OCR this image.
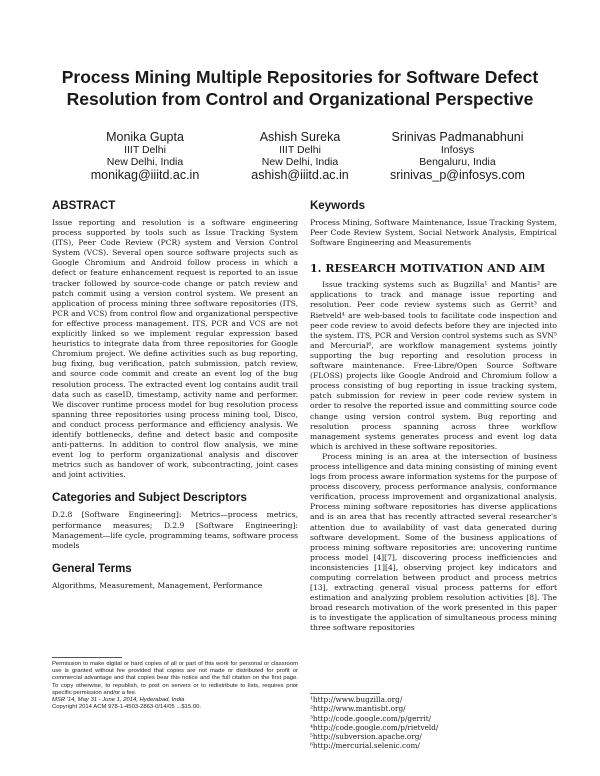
Process Mining Multiple Repositories for Software Defect
Resolution from Control and Organizational Perspective
Monika Gupta
IIIT Delhi
New Delhi, India
monikag@iiitd.ac.in
Ashish Sureka
IIIT Delhi
New Delhi, India
ashish@iiitd.ac.in
Srinivas Padmanabhuni
Infosys
Bengaluru, India
srinivas_p@infosys.com
ABSTRACT

Issue reporting and resolution is a software engineering process supported by tools such as Issue Tracking System (ITS), Peer Code Review (PCR) system and Version Control System (VCS). Several open source software projects such as Google Chromium and Android follow process in which a defect or feature enhancement request is reported to an issue tracker followed by source-code change or patch review and patch commit using a version control system. We present an application of process mining three software repositories (ITS, PCR and VCS) from control flow and organizational perspective for effective process management. ITS, PCR and VCS are not explicitly linked so we implement regular expression based heuristics to integrate data from three repositories for Google Chromium project. We define activities such as bug reporting, bug fixing, bug verification, patch submission, patch review, and source code commit and create an event log of the bug resolution process. The extracted event log contains audit trail data such as caseID, timestamp, activity name and performer. We discover runtime process model for bug resolution process spanning three repositories using process mining tool, Disco, and conduct process performance and efficiency analysis. We identify bottlenecks, define and detect basic and composite anti-patterns. In addition to control flow analysis, we mine event log to perform organizational analysis and discover metrics such as handover of work, subcontracting, joint cases and joint activities.

Categories and Subject Descriptors

D.2.8 [Software Engineering]: Metrics—process metrics, performance measures; D.2.9 [Software Engineering]: Management—life cycle, programming teams, software process models

General Terms

Algorithms, Measurement, Management, Performance

Permission to make digital or hard copies of all or part of this work for personal or classroom use is granted without fee provided that copies are not made or distributed for profit or commercial advantage and that copies bear this notice and the full citation on the first page. To copy otherwise, to republish, to post on servers or to redistribute to lists, requires prior specific permission and/or a fee.
MSR '14, May 31 - June 1, 2014, Hyderabad, India
Copyright 2014 ACM 978-1-4503-2863-0/14/05 ...$15.00.
Keywords

Process Mining, Software Maintenance, Issue Tracking System, Peer Code Review System, Social Network Analysis, Empirical Software Engineering and Measurements

1. RESEARCH MOTIVATION AND AIM

Issue tracking systems such as Bugzilla¹ and Mantis² are applications to track and manage issue reporting and resolution. Peer code review systems such as Gerrit³ and Rietveld⁴ are web-based tools to facilitate code inspection and peer code review to avoid defects before they are injected into the system. ITS, PCR and Version control systems such as SVN⁵ and Mercurial⁶, are workflow management systems jointly supporting the bug reporting and resolution process in software maintenance. Free-Libre/Open Source Software (FLOSS) projects like Google Android and Chromium follow a process consisting of bug reporting in issue tracking system, patch submission for review in peer code review system in order to resolve the reported issue and committing source code change using version control system. Bug reporting and resolution process spanning across three workflow management systems generates process and event log data which is archived in these software repositories.

Process mining is an area at the intersection of business process intelligence and data mining consisting of mining event logs from process aware information systems for the purpose of process discovery, process performance analysis, conformance verification, process improvement and organizational analysis. Process mining software repositories has diverse applications and is an area that has recently attracted several researcher's attention due to availability of vast data generated during software development. Some of the business applications of process mining software repositories are: uncovering runtime process model [4][7], discovering process inefficiencies and inconsistencies [1][4], observing project key indicators and computing correlation between product and process metrics [13], extracting general visual process patterns for effort estimation and analyzing problem resolution activities [8]. The broad research motivation of the work presented in this paper is to investigate the application of simultaneous process mining three software repositories

¹http://www.bugzilla.org/
²http://www.mantisbt.org/
³http://code.google.com/p/gerrit/
⁴http://code.google.com/p/rietveld/
⁵http://subversion.apache.org/
⁶http://mercurial.selenic.com/
